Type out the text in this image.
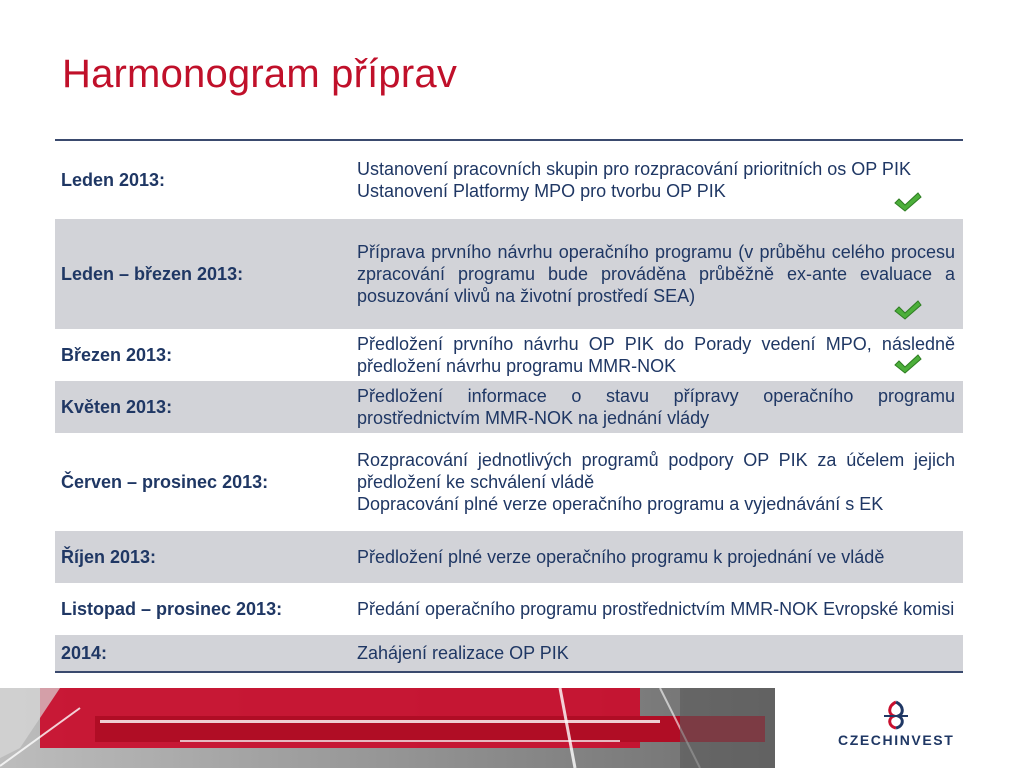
Harmonogram příprav
Leden 2013:	Ustanovení pracovních skupin pro rozpracování prioritních os OP PIK
Ustanovení Platformy MPO pro tvorbu OP PIK

Leden – březen 2013:	Příprava prvního návrhu operačního programu (v průběhu celého procesu zpracování programu bude prováděna průběžně ex-ante evaluace a posuzování vlivů na životní prostředí SEA)

Březen 2013:	Předložení prvního návrhu OP PIK do Porady vedení MPO, následně předložení návrhu programu MMR-NOK

Květen 2013:	Předložení informace o stavu přípravy operačního programu prostřednictvím MMR-NOK na jednání vlády

Červen – prosinec 2013:	Rozpracování jednotlivých programů podpory OP PIK za účelem jejich předložení ke schválení vládě
Dopracování plné verze operačního programu a vyjednávání s EK

Říjen 2013:	Předložení plné verze operačního programu k projednání ve vládě

Listopad – prosinec 2013:	Předání operačního programu prostřednictvím MMR-NOK Evropské komisi

2014:	Zahájení realizace OP PIK
CZECHINVEST
